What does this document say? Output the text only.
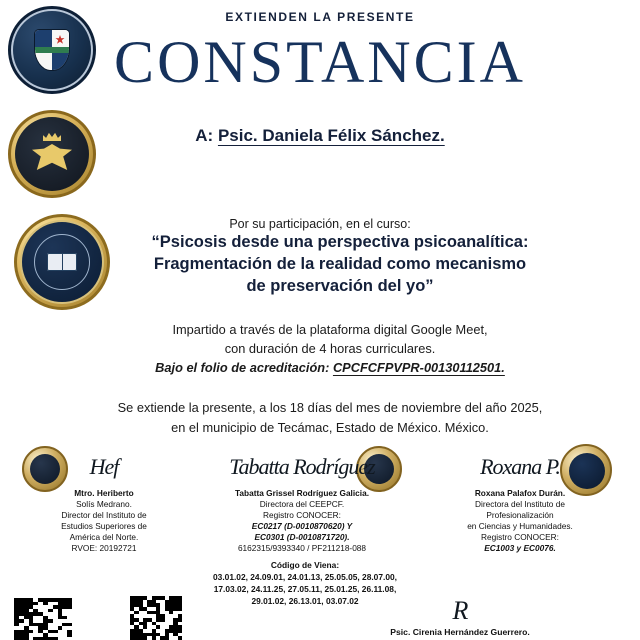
EXTIENDEN LA PRESENTE
CONSTANCIA
A: Psic. Daniela Félix Sánchez.
Por su participación, en el curso:
“Psicosis desde una perspectiva psicoanalítica:
Fragmentación de la realidad como mecanismo
de preservación del yo”
Impartido a través de la plataforma digital Google Meet,
con duración de 4 horas curriculares.
Bajo el folio de acreditación: CPCFCFPVPR-00130112501.
Se extiende la presente, a los 18 días del mes de noviembre del año 2025,
en el municipio de Tecámac, Estado de México. México.
Hef
Mtro. Heriberto
Solís Medrano.
Director del Instituto de
Estudios Superiores de
América del Norte.
RVOE: 20192721
Tabatta Rodríguez
Tabatta Grissel Rodríguez Galicia.
Directora del CEEPCF.
Registro CONOCER:
EC0217 (D-0010870620) Y
EC0301 (D-0010871720).
6162315/9393340 / PF211218-088
Roxana P.
Roxana Palafox Durán.
Directora del Instituto de
Profesionalización
en Ciencias y Humanidades.
Registro CONOCER:
EC1003 y EC0076.
Código de Viena:
03.01.02, 24.09.01, 24.01.13, 25.05.05, 28.07.00,
17.03.02, 24.11.25, 27.05.11, 25.01.25, 26.11.08,
29.01.02, 26.13.01, 03.07.02	R
Psic. Cirenia Hernández Guerrero.
